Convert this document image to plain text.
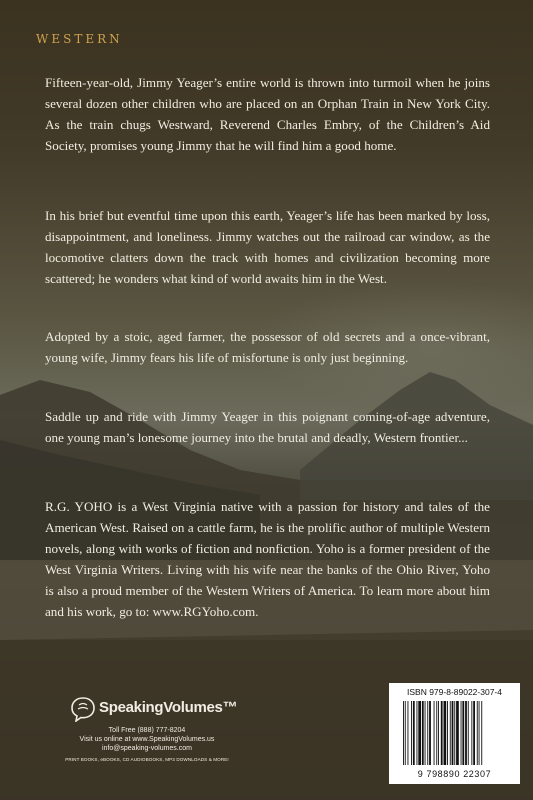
WESTERN

Fifteen-year-old, Jimmy Yeager’s entire world is thrown into turmoil when he joins several dozen other children who are placed on an Orphan Train in New York City. As the train chugs Westward, Reverend Charles Embry, of the Children’s Aid Society, promises young Jimmy that he will find him a good home.

In his brief but eventful time upon this earth, Yeager’s life has been marked by loss, disappointment, and loneliness. Jimmy watches out the railroad car window, as the locomotive clatters down the track with homes and civilization becoming more scattered; he wonders what kind of world awaits him in the West.

Adopted by a stoic, aged farmer, the possessor of old secrets and a once-vibrant, young wife, Jimmy fears his life of misfortune is only just beginning.

Saddle up and ride with Jimmy Yeager in this poignant coming-of-age adventure, one young man’s lonesome journey into the brutal and deadly, Western frontier...

R.G. YOHO is a West Virginia native with a passion for history and tales of the American West. Raised on a cattle farm, he is the prolific author of multiple Western novels, along with works of fiction and nonfiction. Yoho is a former president of the West Virginia Writers. Living with his wife near the banks of the Ohio River, Yoho is also a proud member of the Western Writers of America. To learn more about him and his work, go to: www.RGYoho.com.

SpeakingVolumes™
Toll Free (888) 777-8204
Visit us online at www.SpeakingVolumes.us
info@speaking-volumes.com
PRINT BOOKS, eBOOKS, CD AUDIOBOOKS, MP3 DOWNLOADS & MORE!
ISBN 979-8-89022-307-4
9 798890 22307
